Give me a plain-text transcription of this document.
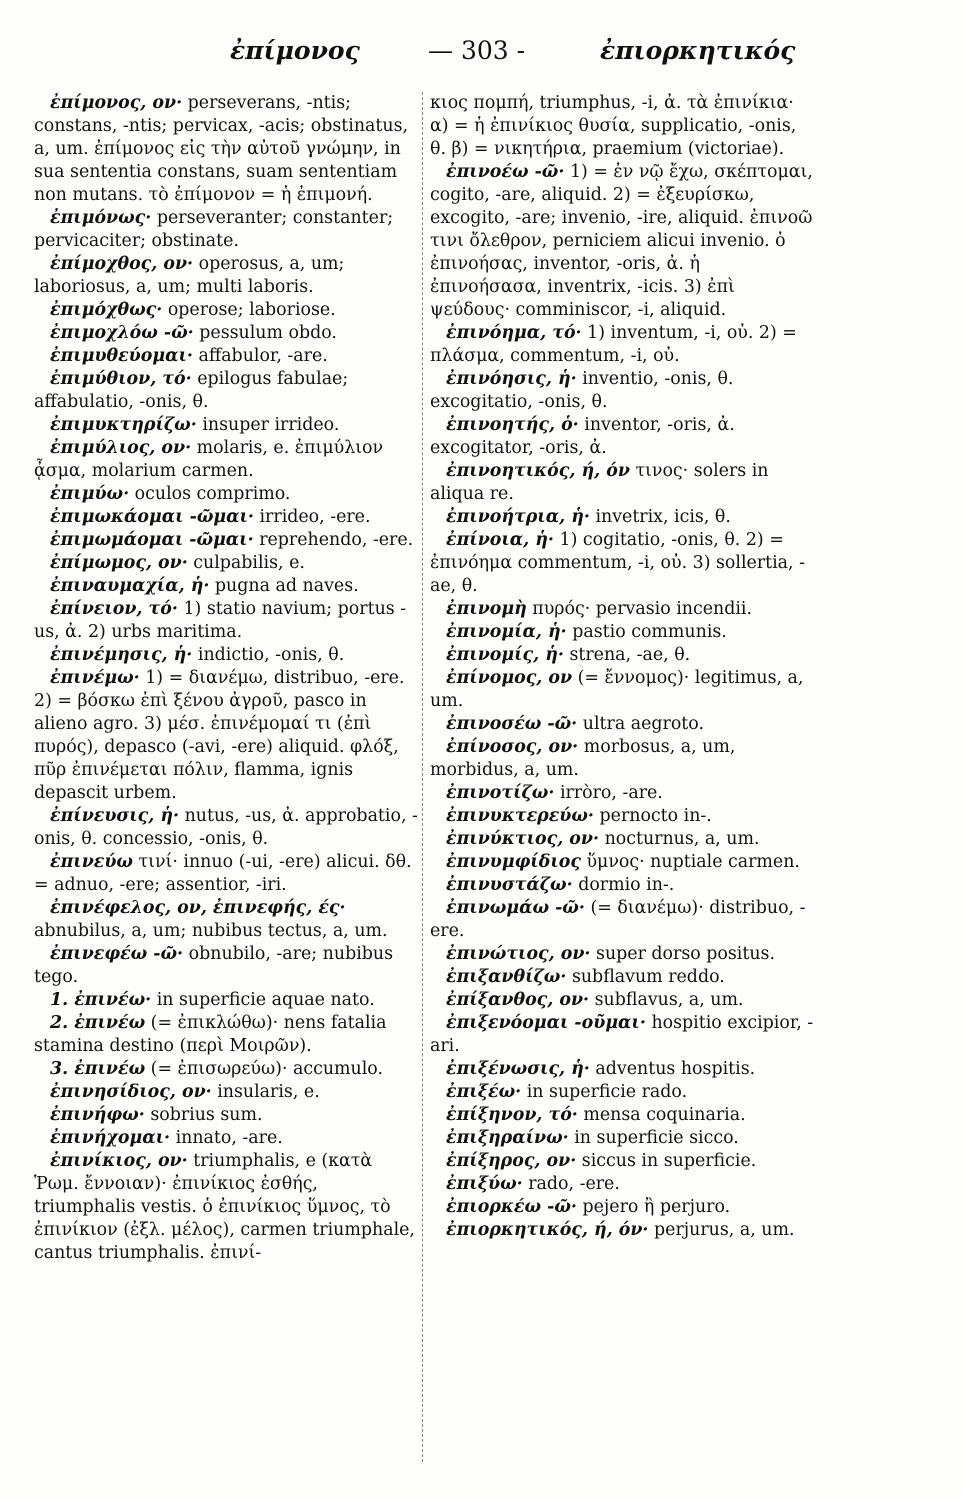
ἐπίμονος	— 303 -	ἐπιορκητικός
ἐπίμονος, ον· perseverans, -ntis; constans, -ntis; pervicax, -acis; obstinatus, a, um. ἐπίμονος εἰς τὴν αὐτοῦ γνώμην, in sua sententia constans, suam sententiam non mutans. τὸ ἐπίμονον = ἡ ἐπιμονή.
ἐπιμόνως· perseveranter; constanter; pervicaciter; obstinate.
ἐπίμοχθος, ον· operosus, a, um; laboriosus, a, um; multi laboris.
ἐπιμόχθως· operose; laboriose.
ἐπιμοχλόω -ῶ· pessulum obdo.
ἐπιμυθεύομαι· affabulor, -are.
ἐπιμύθιον, τό· epilogus fabulae; affabulatio, -onis, θ.
ἐπιμυκτηρίζω· insuper irrideo.
ἐπιμύλιος, ον· molaris, e. ἐπιμύλιον ᾆσμα, molarium carmen.
ἐπιμύω· oculos comprimo.
ἐπιμωκάομαι -ῶμαι· irrideo, -ere.
ἐπιμωμάομαι -ῶμαι· reprehendo, -ere.
ἐπίμωμος, ον· culpabilis, e.
ἐπιναυμαχία, ἡ· pugna ad naves.
ἐπίνειον, τό· 1) statio navium; portus -us, ἀ. 2) urbs maritima.
ἐπινέμησις, ἡ· indictio, -onis, θ.
ἐπινέμω· 1) = διανέμω, distribuo, -ere. 2) = βόσκω ἐπὶ ξένου ἀγροῦ, pasco in alieno agro. 3) μέσ. ἐπινέμομαί τι (ἐπὶ πυρός), depasco (-avi, -ere) aliquid. φλόξ, πῦρ ἐπινέμεται πόλιν, flamma, ignis depascit urbem.
ἐπίνευσις, ἡ· nutus, -us, ἀ. approbatio, -onis, θ. concessio, -onis, θ.
ἐπινεύω τινί· innuo (-ui, -ere) alicui. δθ. = adnuo, -ere; assentior, -iri.
ἐπινέφελος, ον, ἐπινεφής, ές· abnubilus, a, um; nubibus tectus, a, um.
ἐπινεφέω -ῶ· obnubilo, -are; nubibus tego.
1. ἐπινέω· in superficie aquae nato.
2. ἐπινέω (= ἐπικλώθω)· nens fatalia stamina destino (περὶ Μοιρῶν).
3. ἐπινέω (= ἐπισωρεύω)· accumulo.
ἐπινησίδιος, ον· insularis, e.
ἐπινήφω· sobrius sum.
ἐπινήχομαι· innato, -are.
ἐπινίκιος, ον· triumphalis, e (κατὰ Ῥωμ. ἔννοιαν)· ἐπινίκιος ἐσθής, triumphalis vestis. ὁ ἐπινίκιος ὕμνος, τὸ ἐπινίκιον (ἐξλ. μέλος), carmen triumphale, cantus triumphalis. ἐπινί-
κιος πομπή, triumphus, -i, ἀ. τὰ ἐπινίκια· α) = ἡ ἐπινίκιος θυσία, supplicatio, -onis, θ. β) = νικητήρια, praemium (victoriae).
ἐπινοέω -ῶ· 1) = ἐν νῷ ἔχω, σκέπτομαι, cogito, -are, aliquid. 2) = ἐξευρίσκω, excogito, -are; invenio, -ire, aliquid. ἐπινοῶ τινι ὄλεθρον, perniciem alicui invenio. ὁ ἐπινοήσας, inventor, -oris, ἀ. ἡ ἐπινοήσασα, inventrix, -icis. 3) ἐπὶ ψεύδους· comminiscor, -i, aliquid.
ἐπινόημα, τό· 1) inventum, -i, οὐ. 2) = πλάσμα, commentum, -i, οὐ.
ἐπινόησις, ἡ· inventio, -onis, θ. excogitatio, -onis, θ.
ἐπινοητής, ὁ· inventor, -oris, ἀ. excogitator, -oris, ἀ.
ἐπινοητικός, ή, όν τινος· solers in aliqua re.
ἐπινοήτρια, ἡ· invetrix, icis, θ.
ἐπίνοια, ἡ· 1) cogitatio, -onis, θ. 2) = ἐπινόημα commentum, -i, οὐ. 3) sollertia, -ae, θ.
ἐπινομὴ πυρός· pervasio incendii.
ἐπινομία, ἡ· pastio communis.
ἐπινομίς, ἡ· strena, -ae, θ.
ἐπίνομος, ον (= ἔννομος)· legitimus, a, um.
ἐπινοσέω -ῶ· ultra aegroto.
ἐπίνοσος, ον· morbosus, a, um, morbidus, a, um.
ἐπινοτίζω· irròro, -are.
ἐπινυκτερεύω· pernocto in-.
ἐπινύκτιος, ον· nocturnus, a, um.
ἐπινυμφίδιος ὕμνος· nuptiale carmen.
ἐπινυστάζω· dormio in-.
ἐπινωμάω -ῶ· (= διανέμω)· distribuo, -ere.
ἐπινώτιος, ον· super dorso positus.
ἐπιξανθίζω· subflavum reddo.
ἐπίξανθος, ον· subflavus, a, um.
ἐπιξενόομαι -οῦμαι· hospitio excipior, -ari.
ἐπιξένωσις, ἡ· adventus hospitis.
ἐπιξέω· in superficie rado.
ἐπίξηνον, τό· mensa coquinaria.
ἐπιξηραίνω· in superficie sicco.
ἐπίξηρος, ον· siccus in superficie.
ἐπιξύω· rado, -ere.
ἐπιορκέω -ῶ· pejero ἢ perjuro.
ἐπιορκητικός, ή, όν· perjurus, a, um.
